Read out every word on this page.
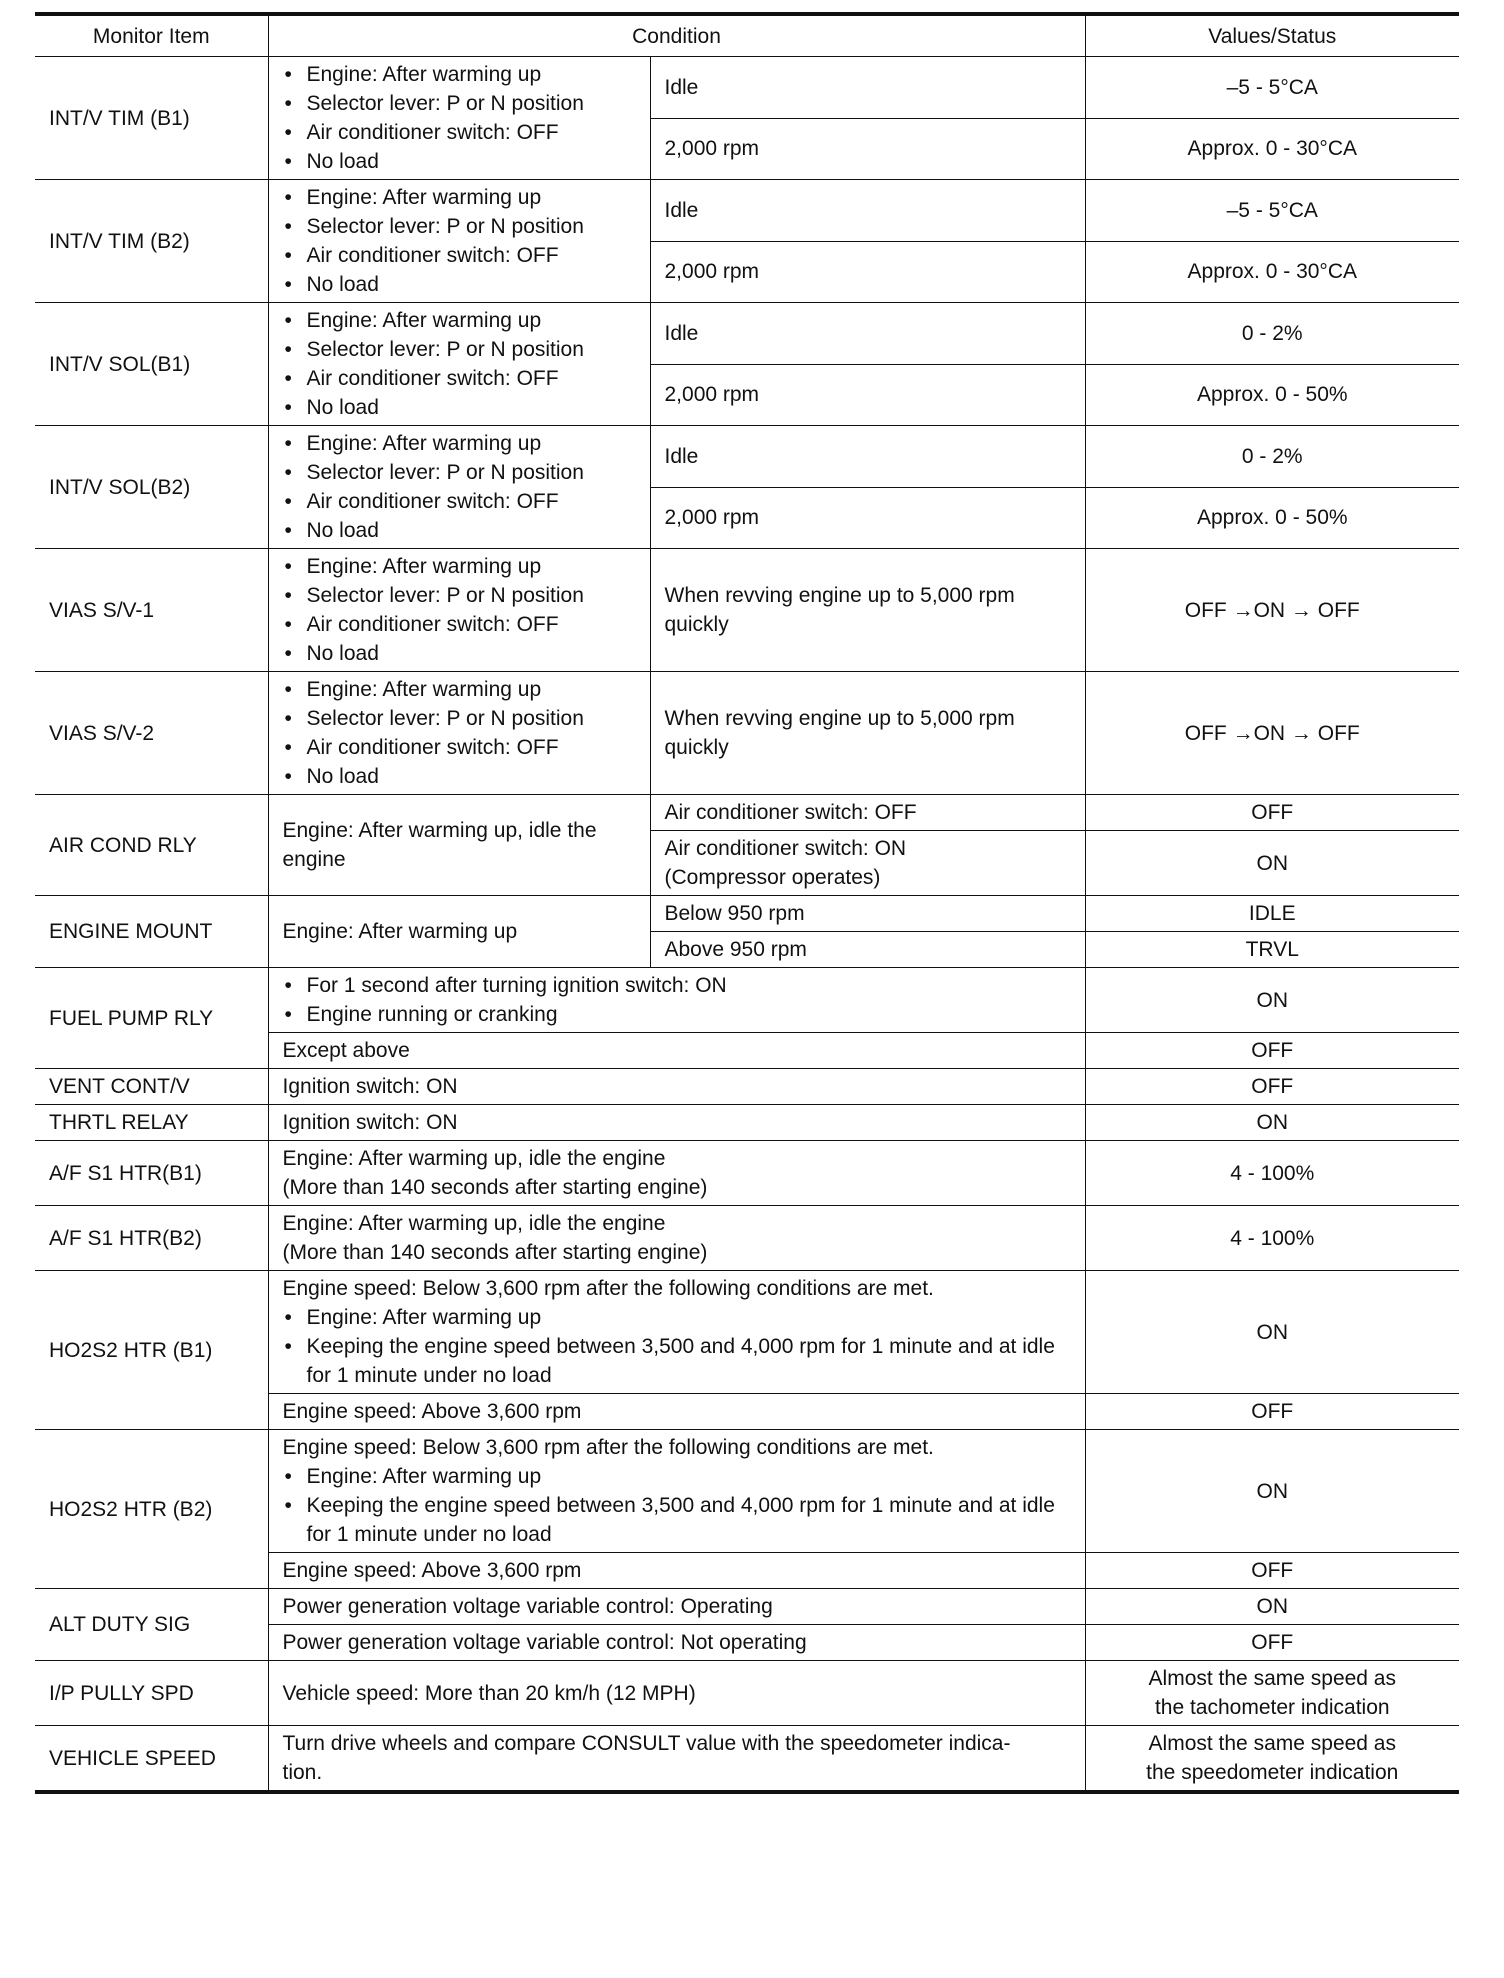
Monitor Item	Condition		Values/Status
INT/V TIM (B1)	• Engine: After warming up
• Selector lever: P or N position
• Air conditioner switch: OFF
• No load	Idle	–5 - 5°CA
		2,000 rpm	Approx. 0 - 30°CA
INT/V TIM (B2)	• Engine: After warming up
• Selector lever: P or N position
• Air conditioner switch: OFF
• No load	Idle	–5 - 5°CA
		2,000 rpm	Approx. 0 - 30°CA
INT/V SOL(B1)	• Engine: After warming up
• Selector lever: P or N position
• Air conditioner switch: OFF
• No load	Idle	0 - 2%
		2,000 rpm	Approx. 0 - 50%
INT/V SOL(B2)	• Engine: After warming up
• Selector lever: P or N position
• Air conditioner switch: OFF
• No load	Idle	0 - 2%
		2,000 rpm	Approx. 0 - 50%
VIAS S/V-1	• Engine: After warming up
• Selector lever: P or N position
• Air conditioner switch: OFF
• No load	When revving engine up to 5,000 rpm quickly	OFF →ON → OFF
VIAS S/V-2	• Engine: After warming up
• Selector lever: P or N position
• Air conditioner switch: OFF
• No load	When revving engine up to 5,000 rpm quickly	OFF →ON → OFF
AIR COND RLY	Engine: After warming up, idle the engine	Air conditioner switch: OFF	OFF

		Air conditioner switch: ON
(Compressor operates)	ON
ENGINE MOUNT	Engine: After warming up	Below 950 rpm	IDLE
		Above 950 rpm	TRVL
FUEL PUMP RLY	• For 1 second after turning ignition switch: ON
• Engine running or cranking		ON

	Except above		OFF
VENT CONT/V	Ignition switch: ON		OFF
THRTL RELAY	Ignition switch: ON		ON
A/F S1 HTR(B1)	Engine: After warming up, idle the engine
(More than 140 seconds after starting engine)		4 - 100%
A/F S1 HTR(B2)	Engine: After warming up, idle the engine
(More than 140 seconds after starting engine)		4 - 100%
HO2S2 HTR (B1)	Engine speed: Below 3,600 rpm after the following conditions are met.
• Engine: After warming up
• Keeping the engine speed between 3,500 and 4,000 rpm for 1 minute and at idle for 1 minute under no load		ON

	Engine speed: Above 3,600 rpm		OFF
HO2S2 HTR (B2)	Engine speed: Below 3,600 rpm after the following conditions are met.
• Engine: After warming up
• Keeping the engine speed between 3,500 and 4,000 rpm for 1 minute and at idle for 1 minute under no load		ON

	Engine speed: Above 3,600 rpm		OFF
ALT DUTY SIG	Power generation voltage variable control: Operating		ON

	Power generation voltage variable control: Not operating		OFF
I/P PULLY SPD	Vehicle speed: More than 20 km/h (12 MPH)		Almost the same speed as
the tachometer indication

VEHICLE SPEED	Turn drive wheels and compare CONSULT value with the speedometer indica-
tion.		Almost the same speed as
the speedometer indication
